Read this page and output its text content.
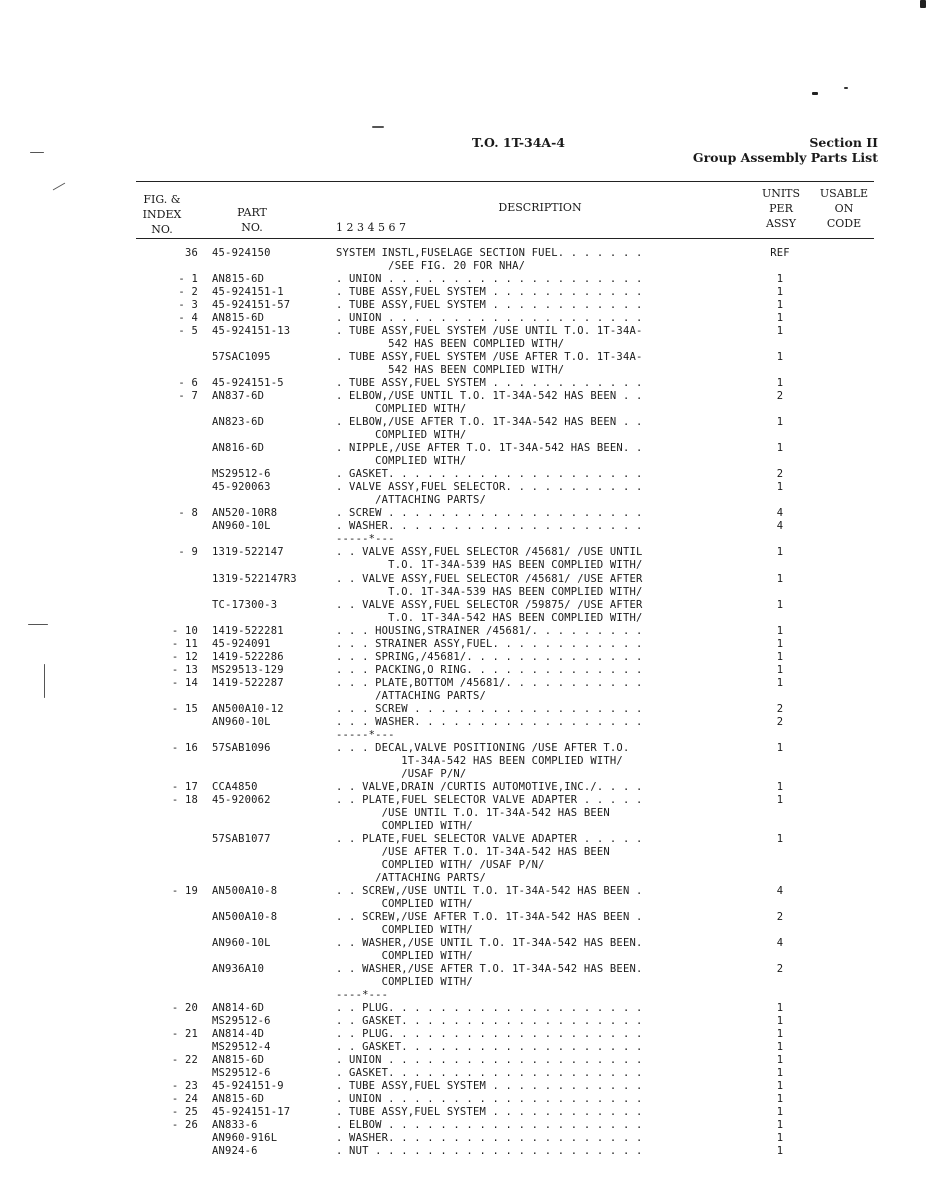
T.O. 1T-34A-4	Section II
Group Assembly Parts List
FIG. &
INDEX
NO.
PART
NO.	1 2 3 4 5 6 7
DESCRIPTION
UNITS
PER
ASSY
USABLE
ON
CODE
36 45-924150	SYSTEM INSTL,FUSELAGE SECTION FUEL. . . . . . .	REF
/SEE FIG. 20 FOR NHA/
- 1 AN815-6D	. UNION . . . . . . . . . . . . . . . . . . . .	1
- 2 45-924151-1	. TUBE ASSY,FUEL SYSTEM . . . . . . . . . . . .	1
- 3 45-924151-57	. TUBE ASSY,FUEL SYSTEM . . . . . . . . . . . .	1
- 4 AN815-6D	. UNION . . . . . . . . . . . . . . . . . . . .	1
- 5 45-924151-13	. TUBE ASSY,FUEL SYSTEM /USE UNTIL T.O. 1T-34A-	1
542 HAS BEEN COMPLIED WITH/
57SAC1095	. TUBE ASSY,FUEL SYSTEM /USE AFTER T.O. 1T-34A-	1
542 HAS BEEN COMPLIED WITH/
- 6 45-924151-5	. TUBE ASSY,FUEL SYSTEM . . . . . . . . . . . .	1
- 7 AN837-6D	. ELBOW,/USE UNTIL T.O. 1T-34A-542 HAS BEEN . .	2
COMPLIED WITH/
AN823-6D	. ELBOW,/USE AFTER T.O. 1T-34A-542 HAS BEEN . .	1
COMPLIED WITH/
AN816-6D	. NIPPLE,/USE AFTER T.O. 1T-34A-542 HAS BEEN. .	1
COMPLIED WITH/
MS29512-6	. GASKET. . . . . . . . . . . . . . . . . . . .	2
45-920063	. VALVE ASSY,FUEL SELECTOR. . . . . . . . . . .	1
/ATTACHING PARTS/
- 8 AN520-10R8	. SCREW . . . . . . . . . . . . . . . . . . . .	4
AN960-10L	. WASHER. . . . . . . . . . . . . . . . . . . .	4
-----*---
- 9 1319-522147	. . VALVE ASSY,FUEL SELECTOR /45681/ /USE UNTIL	1
T.O. 1T-34A-539 HAS BEEN COMPLIED WITH/
1319-522147R3	. . VALVE ASSY,FUEL SELECTOR /45681/ /USE AFTER	1
T.O. 1T-34A-539 HAS BEEN COMPLIED WITH/
TC-17300-3	. . VALVE ASSY,FUEL SELECTOR /59875/ /USE AFTER	1
T.O. 1T-34A-542 HAS BEEN COMPLIED WITH/
- 10 1419-522281	. . . HOUSING,STRAINER /45681/. . . . . . . . .	1
- 11 45-924091	. . . STRAINER ASSY,FUEL. . . . . . . . . . . .	1
- 12 1419-522286	. . . SPRING,/45681/. . . . . . . . . . . . . .	1
- 13 MS29513-129	. . . PACKING,O RING. . . . . . . . . . . . . .	1
- 14 1419-522287	. . . PLATE,BOTTOM /45681/. . . . . . . . . . .	1
/ATTACHING PARTS/
- 15 AN500A10-12	. . . SCREW . . . . . . . . . . . . . . . . . .	2
AN960-10L	. . . WASHER. . . . . . . . . . . . . . . . . .	2
-----*---
- 16 57SAB1096	. . . DECAL,VALVE POSITIONING /USE AFTER T.O.	1
1T-34A-542 HAS BEEN COMPLIED WITH/
/USAF P/N/
- 17 CCA4850	. . VALVE,DRAIN /CURTIS AUTOMOTIVE,INC./. . . .	1
- 18 45-920062	. . PLATE,FUEL SELECTOR VALVE ADAPTER . . . . .	1
/USE UNTIL T.O. 1T-34A-542 HAS BEEN
COMPLIED WITH/
57SAB1077	. . PLATE,FUEL SELECTOR VALVE ADAPTER . . . . .	1
/USE AFTER T.O. 1T-34A-542 HAS BEEN
COMPLIED WITH/ /USAF P/N/
/ATTACHING PARTS/
- 19 AN500A10-8	. . SCREW,/USE UNTIL T.O. 1T-34A-542 HAS BEEN .	4
COMPLIED WITH/
AN500A10-8	. . SCREW,/USE AFTER T.O. 1T-34A-542 HAS BEEN .	2
COMPLIED WITH/
AN960-10L	. . WASHER,/USE UNTIL T.O. 1T-34A-542 HAS BEEN.	4
COMPLIED WITH/
AN936A10	. . WASHER,/USE AFTER T.O. 1T-34A-542 HAS BEEN.	2
COMPLIED WITH/
----*---
- 20 AN814-6D	. . PLUG. . . . . . . . . . . . . . . . . . . .	1
MS29512-6	. . GASKET. . . . . . . . . . . . . . . . . . .	1
- 21 AN814-4D	. . PLUG. . . . . . . . . . . . . . . . . . . .	1
MS29512-4	. . GASKET. . . . . . . . . . . . . . . . . . .	1
- 22 AN815-6D	. UNION . . . . . . . . . . . . . . . . . . . .	1
MS29512-6	. GASKET. . . . . . . . . . . . . . . . . . . .	1
- 23 45-924151-9	. TUBE ASSY,FUEL SYSTEM . . . . . . . . . . . .	1
- 24 AN815-6D	. UNION . . . . . . . . . . . . . . . . . . . .	1
- 25 45-924151-17	. TUBE ASSY,FUEL SYSTEM . . . . . . . . . . . .	1
- 26 AN833-6	. ELBOW . . . . . . . . . . . . . . . . . . . .	1
AN960-916L	. WASHER. . . . . . . . . . . . . . . . . . . .	1
AN924-6	. NUT . . . . . . . . . . . . . . . . . . . . .	1
